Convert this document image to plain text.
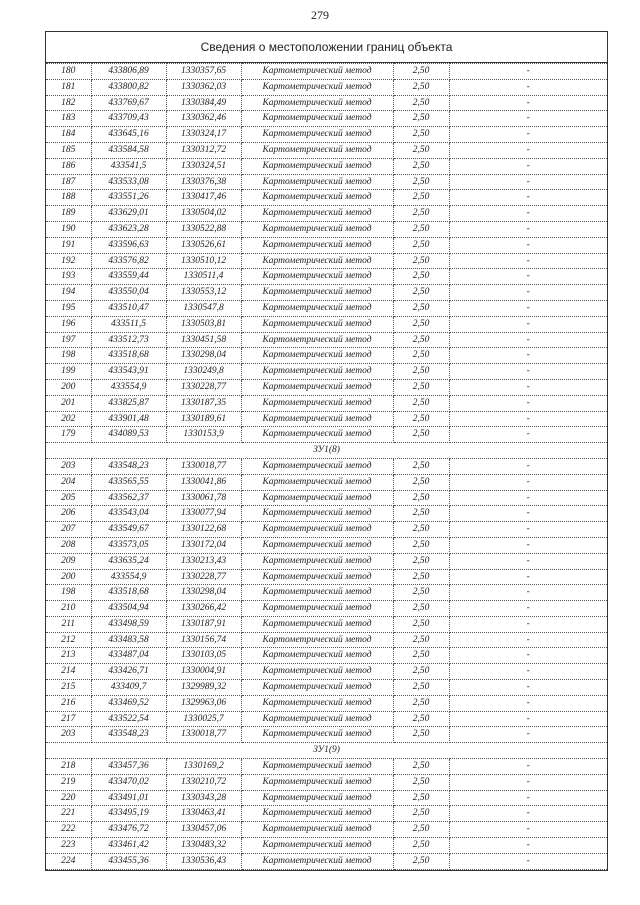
279
Сведения о местоположении границ объекта
180	433806,89	1330357,65	Картометрический метод	2,50	-
181	433800,82	1330362,03	Картометрический метод	2,50	-
182	433769,67	1330384,49	Картометрический метод	2,50	-
183	433709,43	1330362,46	Картометрический метод	2,50	-
184	433645,16	1330324,17	Картометрический метод	2,50	-
185	433584,58	1330312,72	Картометрический метод	2,50	-
186	433541,5	1330324,51	Картометрический метод	2,50	-
187	433533,08	1330376,38	Картометрический метод	2,50	-
188	433551,26	1330417,46	Картометрический метод	2,50	-
189	433629,01	1330504,02	Картометрический метод	2,50	-
190	433623,28	1330522,88	Картометрический метод	2,50	-
191	433596,63	1330526,61	Картометрический метод	2,50	-
192	433576,82	1330510,12	Картометрический метод	2,50	-
193	433559,44	1330511,4	Картометрический метод	2,50	-
194	433550,04	1330553,12	Картометрический метод	2,50	-
195	433510,47	1330547,8	Картометрический метод	2,50	-
196	433511,5	1330503,81	Картометрический метод	2,50	-
197	433512,73	1330451,58	Картометрический метод	2,50	-
198	433518,68	1330298,04	Картометрический метод	2,50	-
199	433543,91	1330249,8	Картометрический метод	2,50	-
200	433554,9	1330228,77	Картометрический метод	2,50	-
201	433825,87	1330187,35	Картометрический метод	2,50	-
202	433901,48	1330189,61	Картометрический метод	2,50	-
179	434089,53	1330153,9	Картометрический метод	2,50	-
ЗУ1(8)					
203	433548,23	1330018,77	Картометрический метод	2,50	-
204	433565,55	1330041,86	Картометрический метод	2,50	-
205	433562,37	1330061,78	Картометрический метод	2,50	-
206	433543,04	1330077,94	Картометрический метод	2,50	-
207	433549,67	1330122,68	Картометрический метод	2,50	-
208	433573,05	1330172,04	Картометрический метод	2,50	-
209	433635,24	1330213,43	Картометрический метод	2,50	-
200	433554,9	1330228,77	Картометрический метод	2,50	-
198	433518,68	1330298,04	Картометрический метод	2,50	-
210	433504,94	1330266,42	Картометрический метод	2,50	-
211	433498,59	1330187,91	Картометрический метод	2,50	-
212	433483,58	1330156,74	Картометрический метод	2,50	-
213	433487,04	1330103,05	Картометрический метод	2,50	-
214	433426,71	1330004,91	Картометрический метод	2,50	-
215	433409,7	1329989,32	Картометрический метод	2,50	-
216	433469,52	1329963,06	Картометрический метод	2,50	-
217	433522,54	1330025,7	Картометрический метод	2,50	-
203	433548,23	1330018,77	Картометрический метод	2,50	-
ЗУ1(9)					
218	433457,36	1330169,2	Картометрический метод	2,50	-
219	433470,02	1330210,72	Картометрический метод	2,50	-
220	433491,01	1330343,28	Картометрический метод	2,50	-
221	433495,19	1330463,41	Картометрический метод	2,50	-
222	433476,72	1330457,06	Картометрический метод	2,50	-
223	433461,42	1330483,32	Картометрический метод	2,50	-
224	433455,36	1330536,43	Картометрический метод	2,50	-
